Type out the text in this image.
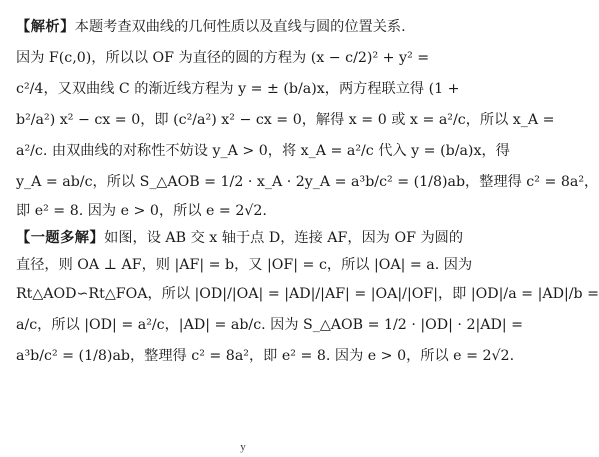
【解析】本题考查双曲线的几何性质以及直线与圆的位置关系.
因为 F(c,0)，所以以 OF 为直径的圆的方程为 (x − c/2)² + y² =
c²/4，又双曲线 C 的渐近线方程为 y = ± (b/a)x，两方程联立得 (1 +
b²/a²) x² − cx = 0，即 (c²/a²) x² − cx = 0，解得 x = 0 或 x = a²/c，所以 x_A =
a²/c. 由双曲线的对称性不妨设 y_A > 0，将 x_A = a²/c 代入 y = (b/a)x，得
y_A = ab/c，所以 S_△AOB = 1/2 · x_A · 2y_A = a³b/c² = (1/8)ab，整理得 c² = 8a²，
即 e² = 8. 因为 e > 0，所以 e = 2√2.
【一题多解】如图，设 AB 交 x 轴于点 D，连接 AF，因为 OF 为圆的
直径，则 OA ⊥ AF，则 |AF| = b，又 |OF| = c，所以 |OA| = a. 因为
Rt△AOD∽Rt△FOA，所以 |OD|/|OA| = |AD|/|AF| = |OA|/|OF|，即 |OD|/a = |AD|/b =
a/c，所以 |OD| = a²/c，|AD| = ab/c. 因为 S_△AOB = 1/2 · |OD| · 2|AD| =
a³b/c² = (1/8)ab，整理得 c² = 8a²，即 e² = 8. 因为 e > 0，所以 e = 2√2.
y
